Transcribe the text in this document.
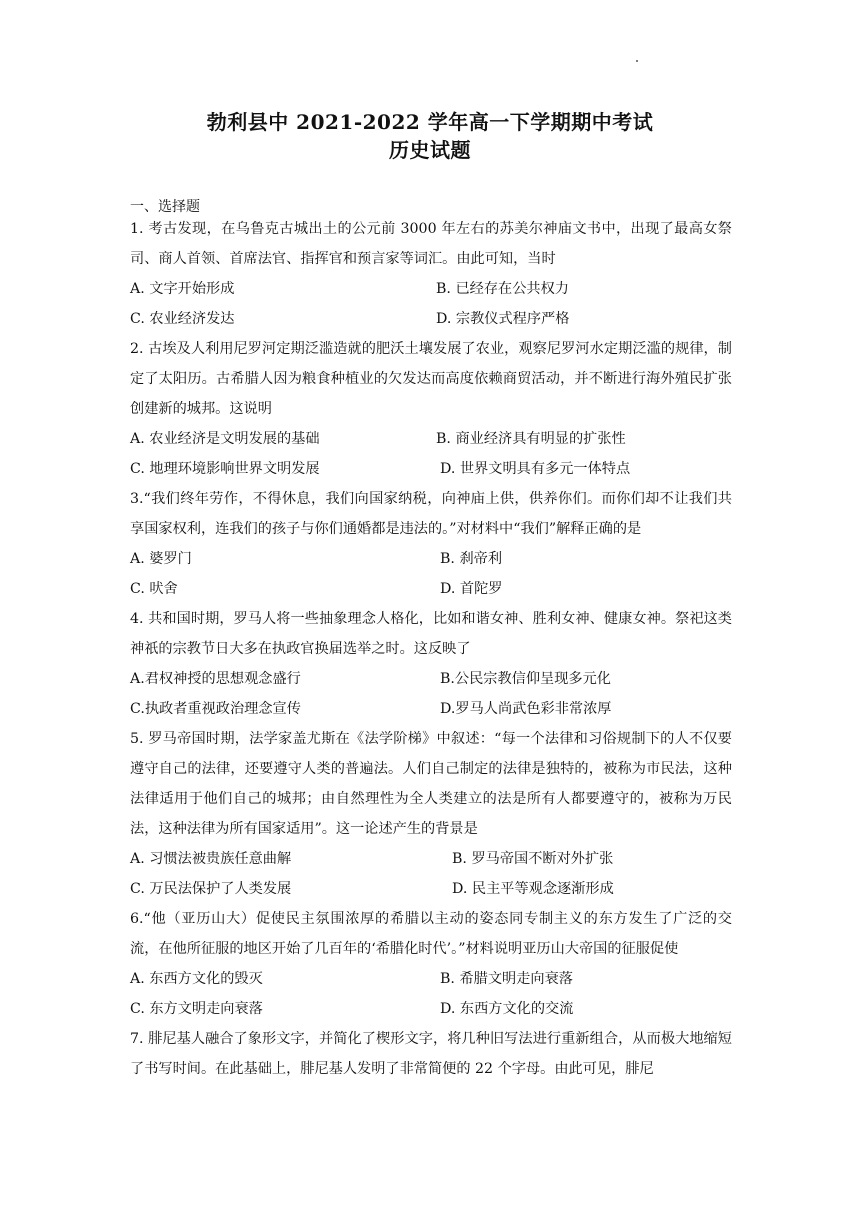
勃利县中 2021-2022 学年高一下学期期中考试
历史试题
一、选择题
1. 考古发现，在乌鲁克古城出土的公元前 3000 年左右的苏美尔神庙文书中，出现了最高女祭司、商人首领、首席法官、指挥官和预言家等词汇。由此可知，当时
A. 文字开始形成	B. 已经存在公共权力
C. 农业经济发达	D. 宗教仪式程序严格
2. 古埃及人利用尼罗河定期泛滥造就的肥沃土壤发展了农业，观察尼罗河水定期泛滥的规律，制定了太阳历。古希腊人因为粮食种植业的欠发达而高度依赖商贸活动，并不断进行海外殖民扩张创建新的城邦。这说明
A. 农业经济是文明发展的基础	B. 商业经济具有明显的扩张性
C. 地理环境影响世界文明发展	D. 世界文明具有多元一体特点
3.“我们终年劳作，不得休息，我们向国家纳税，向神庙上供，供养你们。而你们却不让我们共享国家权利，连我们的孩子与你们通婚都是违法的。”对材料中“我们”解释正确的是
A. 婆罗门	B. 刹帝利
C. 吠舍	D. 首陀罗
4. 共和国时期，罗马人将一些抽象理念人格化，比如和谐女神、胜利女神、健康女神。祭祀这类神祇的宗教节日大多在执政官换届选举之时。这反映了
A.君权神授的思想观念盛行	B.公民宗教信仰呈现多元化
C.执政者重视政治理念宣传	D.罗马人尚武色彩非常浓厚
5. 罗马帝国时期，法学家盖尤斯在《法学阶梯》中叙述：“每一个法律和习俗规制下的人不仅要遵守自己的法律，还要遵守人类的普遍法。人们自己制定的法律是独特的，被称为市民法，这种法律适用于他们自己的城邦；由自然理性为全人类建立的法是所有人都要遵守的，被称为万民法，这种法律为所有国家适用”。这一论述产生的背景是
A. 习惯法被贵族任意曲解	B. 罗马帝国不断对外扩张
C. 万民法保护了人类发展	D. 民主平等观念逐渐形成
6.“他（亚历山大）促使民主氛围浓厚的希腊以主动的姿态同专制主义的东方发生了广泛的交流，在他所征服的地区开始了几百年的‘希腊化时代’。”材料说明亚历山大帝国的征服促使
A. 东西方文化的毁灭	B. 希腊文明走向衰落
C. 东方文明走向衰落	D. 东西方文化的交流
7. 腓尼基人融合了象形文字，并简化了楔形文字，将几种旧写法进行重新组合，从而极大地缩短了书写时间。在此基础上，腓尼基人发明了非常简便的 22 个字母。由此可见，腓尼
